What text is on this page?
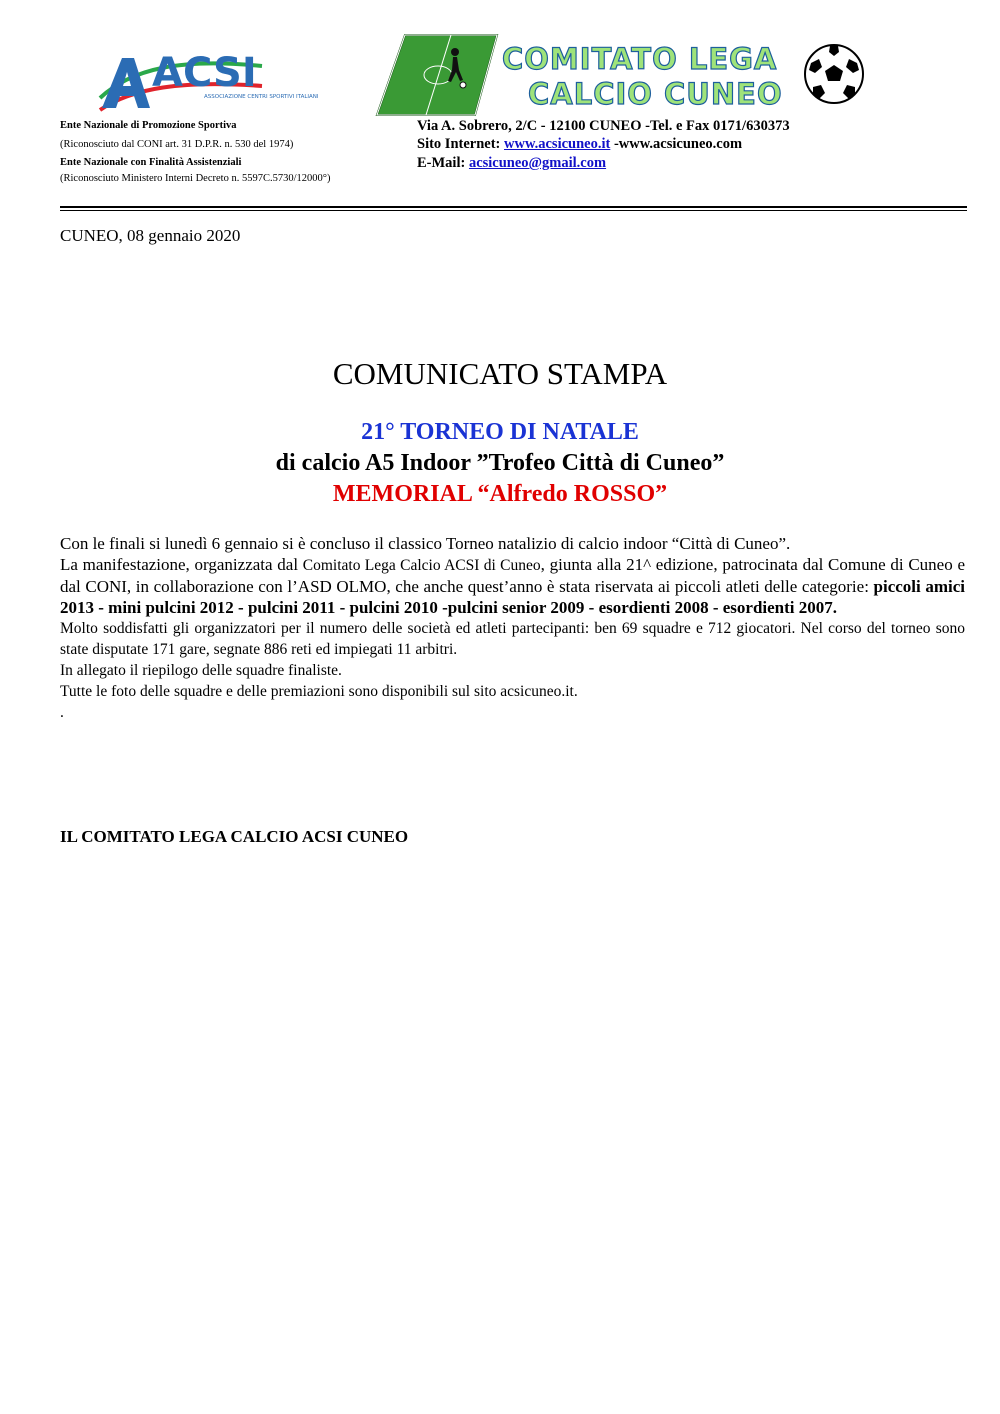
ACSI
ASSOCIAZIONE CENTRI SPORTIVI ITALIANI
Ente Nazionale di Promozione Sportiva
(Riconosciuto dal CONI art. 31 D.P.R. n. 530 del 1974)
Ente Nazionale con Finalità Assistenziali
(Riconosciuto Ministero Interni Decreto n. 5597C.5730/12000°)
COMITATO LEGA
CALCIO CUNEO
Via A. Sobrero, 2/C - 12100 CUNEO -Tel. e Fax 0171/630373
Sito Internet: www.acsicuneo.it -www.acsicuneo.com
E-Mail: acsicuneo@gmail.com
CUNEO, 08 gennaio 2020
COMUNICATO STAMPA
21° TORNEO DI NATALE
di calcio A5 Indoor ”Trofeo Città di Cuneo”
MEMORIAL “Alfredo ROSSO”

Con le finali si lunedì 6 gennaio si è concluso il classico Torneo natalizio di calcio indoor “Città di Cuneo”.

La manifestazione, organizzata dal Comitato Lega Calcio ACSI di Cuneo, giunta alla 21^ edizione, patrocinata dal Comune di Cuneo e dal CONI, in collaborazione con l’ASD OLMO, che anche quest’anno è stata riservata ai piccoli atleti delle categorie: piccoli amici 2013 - mini pulcini 2012 - pulcini 2011 - pulcini 2010 -pulcini senior 2009 - esordienti 2008 - esordienti 2007.

Molto soddisfatti gli organizzatori per il numero delle società ed atleti partecipanti: ben 69 squadre e 712 giocatori. Nel corso del torneo sono state disputate 171 gare, segnate 886 reti ed impiegati 11 arbitri.

In allegato il riepilogo delle squadre finaliste.

Tutte le foto delle squadre e delle premiazioni sono disponibili sul sito acsicuneo.it.

.

IL COMITATO LEGA CALCIO ACSI CUNEO
